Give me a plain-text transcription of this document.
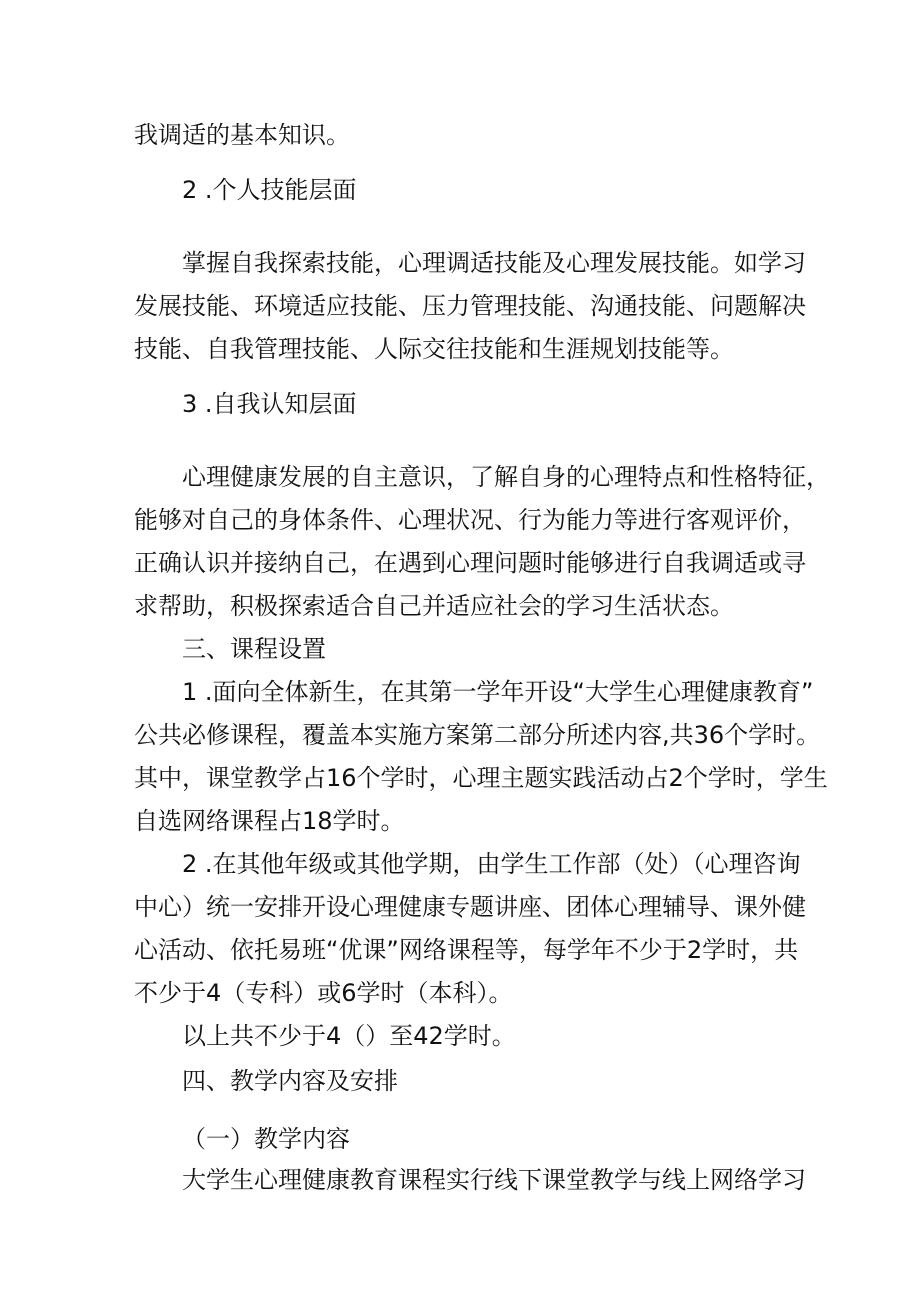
我调适的基本知识。
2 .个人技能层面
掌握自我探索技能，心理调适技能及心理发展技能。如学习
发展技能、环境适应技能、压力管理技能、沟通技能、问题解决
技能、自我管理技能、人际交往技能和生涯规划技能等。
3 .自我认知层面
心理健康发展的自主意识，了解自身的心理特点和性格特征，
能够对自己的身体条件、心理状况、行为能力等进行客观评价，
正确认识并接纳自己，在遇到心理问题时能够进行自我调适或寻
求帮助，积极探索适合自己并适应社会的学习生活状态。
三、课程设置
1 .面向全体新生，在其第一学年开设“大学生心理健康教育”
公共必修课程，覆盖本实施方案第二部分所述内容,共36个学时。
其中，课堂教学占16个学时，心理主题实践活动占2个学时，学生
自选网络课程占18学时。
2 .在其他年级或其他学期，由学生工作部（处）（心理咨询
中心）统一安排开设心理健康专题讲座、团体心理辅导、课外健
心活动、依托易班“优课”网络课程等，每学年不少于2学时，共
不少于4（专科）或6学时（本科）。
以上共不少于4（）至42学时。
四、教学内容及安排
（一）教学内容
大学生心理健康教育课程实行线下课堂教学与线上网络学习
